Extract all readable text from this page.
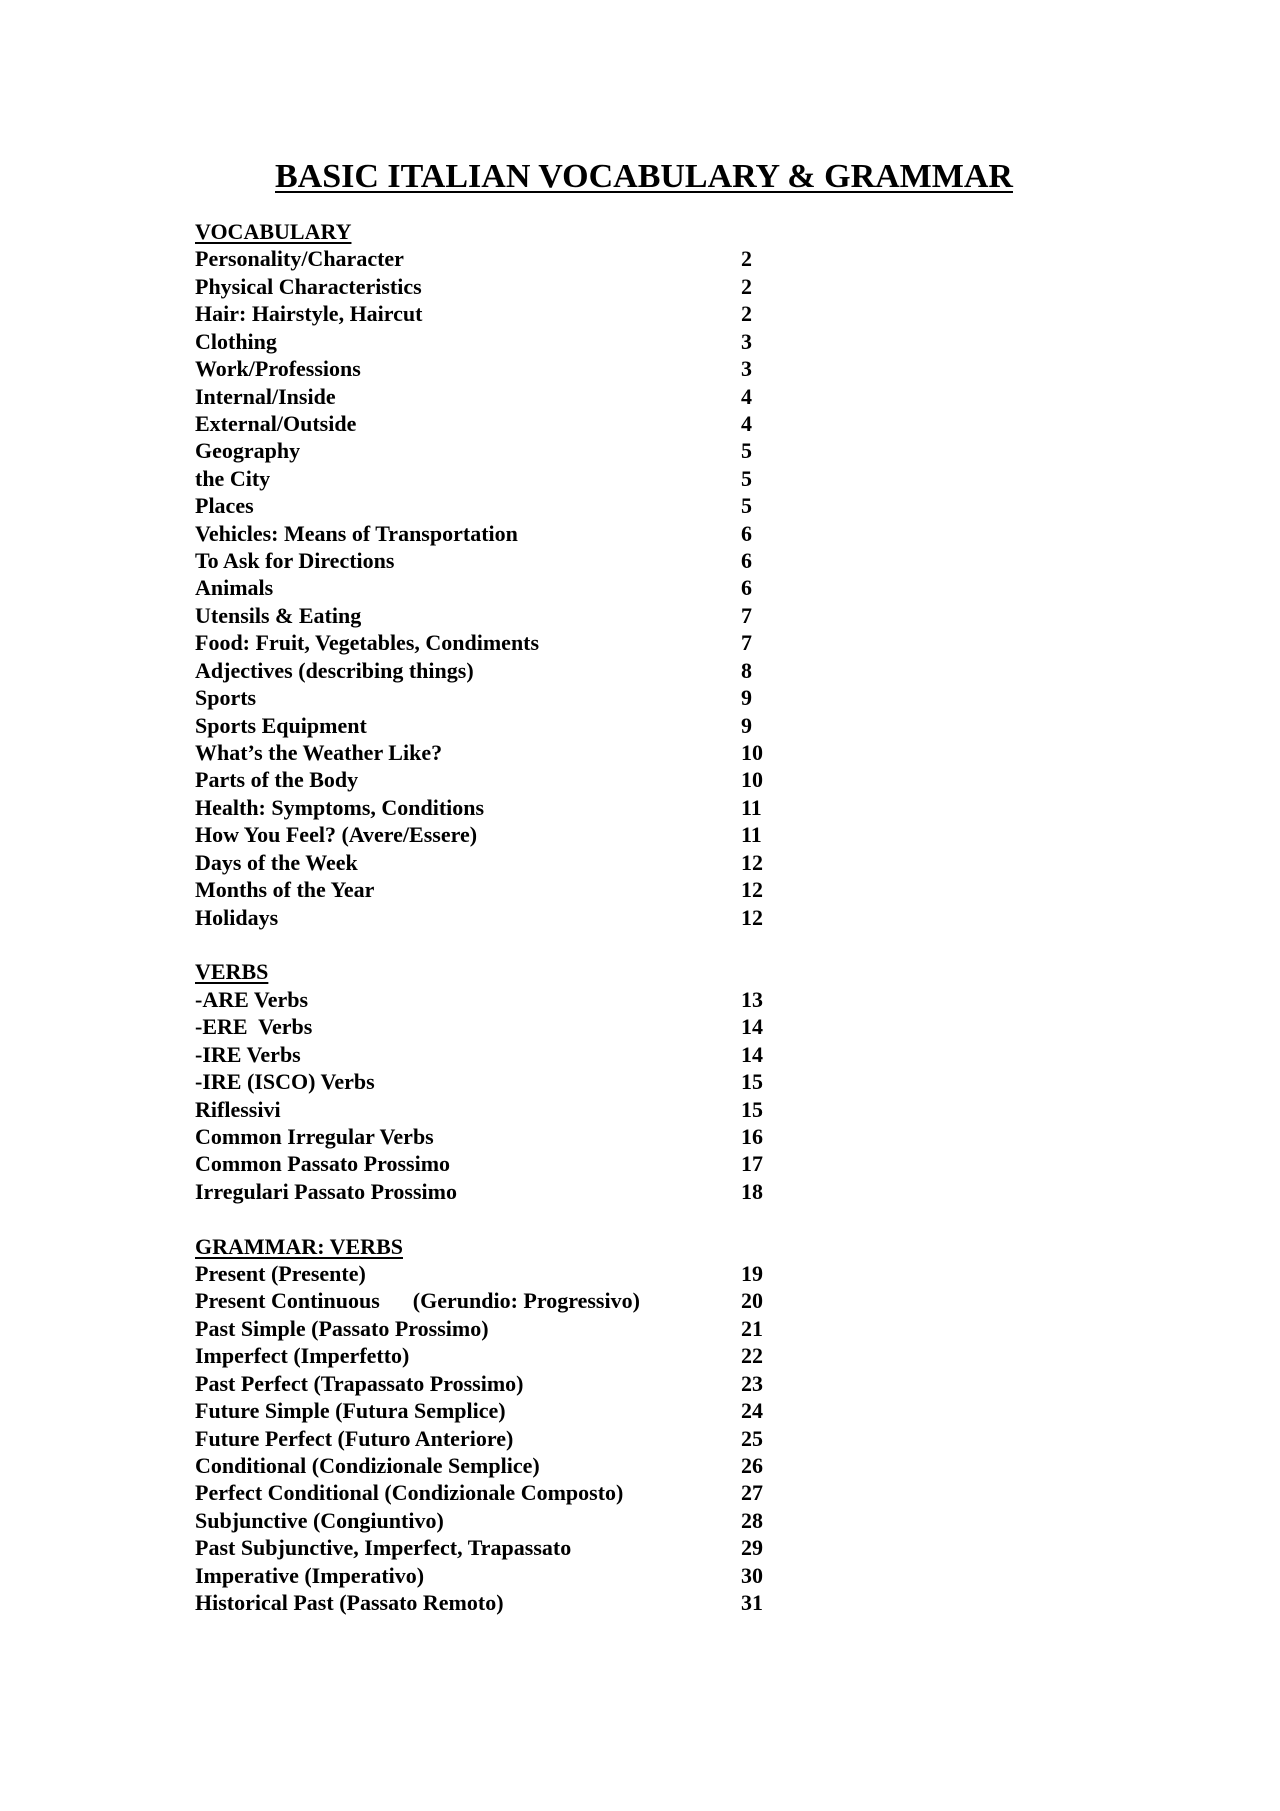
BASIC ITALIAN VOCABULARY & GRAMMAR
VOCABULARY
Personality/Character	2
Physical Characteristics	2
Hair: Hairstyle, Haircut	2
Clothing	3
Work/Professions	3
Internal/Inside	4
External/Outside	4
Geography	5
the City	5
Places	5
Vehicles: Means of Transportation	6
To Ask for Directions	6
Animals	6
Utensils & Eating	7
Food: Fruit, Vegetables, Condiments	7
Adjectives (describing things)	8
Sports	9
Sports Equipment	9
What’s the Weather Like?	10
Parts of the Body	10
Health: Symptoms, Conditions	11
How You Feel? (Avere/Essere)	11
Days of the Week	12
Months of the Year	12
Holidays	12
VERBS
-ARE Verbs	13
-ERE  Verbs	14
-IRE Verbs	14
-IRE (ISCO) Verbs	15
Riflessivi	15
Common Irregular Verbs	16
Common Passato Prossimo	17
Irregulari Passato Prossimo	18
GRAMMAR: VERBS
Present (Presente)	19
Present Continuous      (Gerundio: Progressivo)	20
Past Simple (Passato Prossimo)	21
Imperfect (Imperfetto)	22
Past Perfect (Trapassato Prossimo)	23
Future Simple (Futura Semplice)	24
Future Perfect (Futuro Anteriore)	25
Conditional (Condizionale Semplice)	26
Perfect Conditional (Condizionale Composto)	27
Subjunctive (Congiuntivo)	28
Past Subjunctive, Imperfect, Trapassato	29
Imperative (Imperativo)	30
Historical Past (Passato Remoto)	31
